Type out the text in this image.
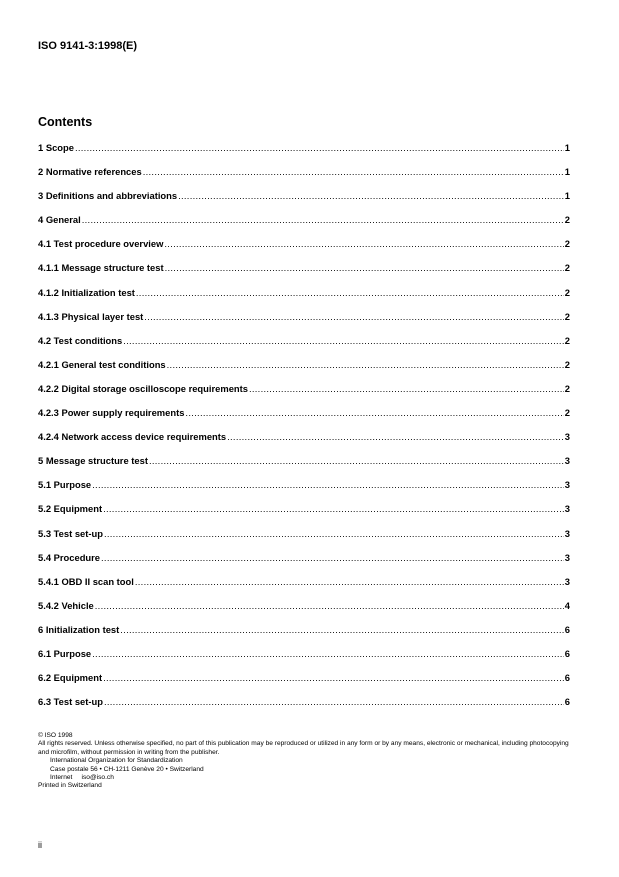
ISO 9141-3:1998(E)
Contents
1 Scope .....	1
2 Normative references .....	1
3 Definitions and abbreviations .....	1
4 General .....	2
4.1 Test procedure overview .....	2
4.1.1 Message structure test .....	2
4.1.2 Initialization test .....	2
4.1.3 Physical layer test .....	2
4.2 Test conditions .....	2
4.2.1 General test conditions .....	2
4.2.2 Digital storage oscilloscope requirements .....	2
4.2.3 Power supply requirements .....	2
4.2.4 Network access device requirements .....	3
5 Message structure test .....	3
5.1 Purpose .....	3
5.2 Equipment .....	3
5.3 Test set-up .....	3
5.4 Procedure .....	3
5.4.1 OBD II scan tool .....	3
5.4.2 Vehicle .....	4
6 Initialization test .....	6
6.1 Purpose .....	6
6.2 Equipment .....	6
6.3 Test set-up .....	6
© ISO 1998
All rights reserved. Unless otherwise specified, no part of this publication may be reproduced or utilized in any form or by any means, electronic or mechanical, including photocopying and microfilm, without permission in writing from the publisher.
International Organization for Standardization
Case postale 56 • CH-1211 Genève 20 • Switzerland
Internet iso@iso.ch
Printed in Switzerland
ii
